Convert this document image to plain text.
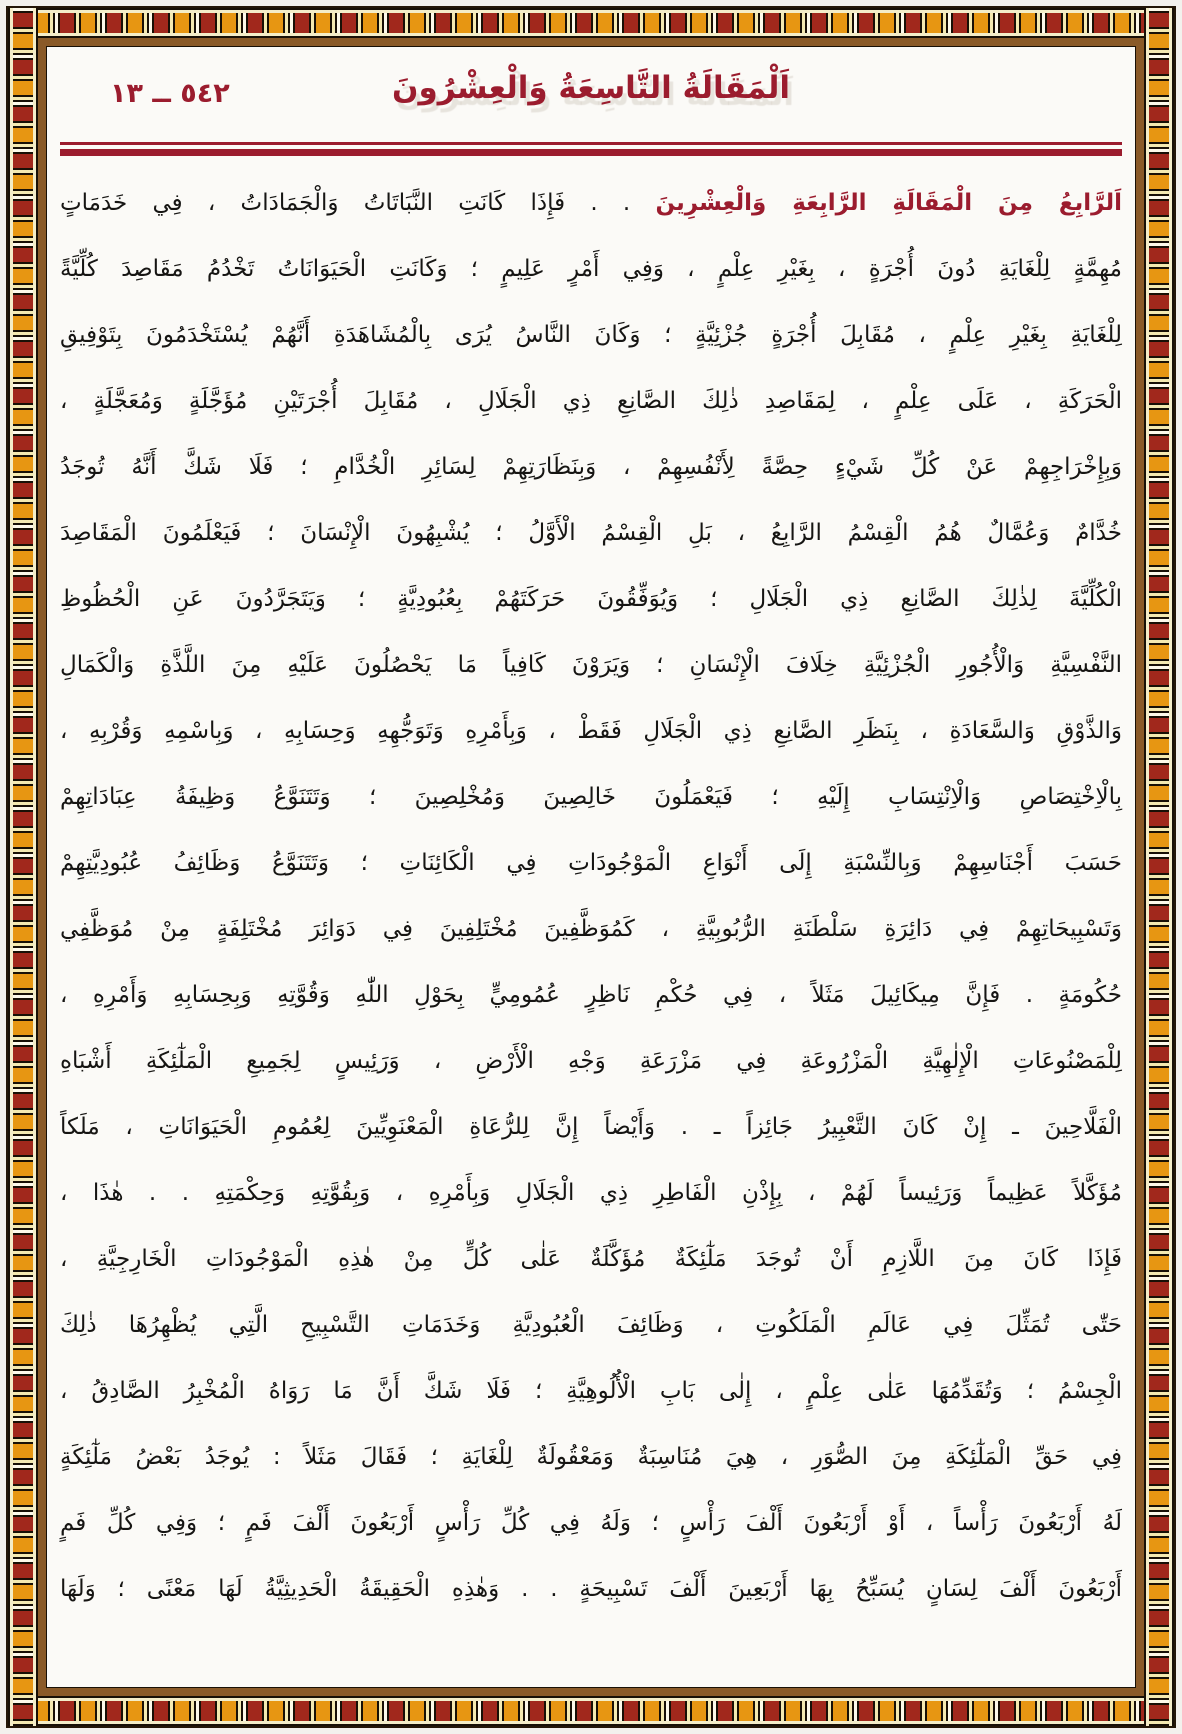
٥٤٢ ــ ١٣	اَلْمَقَالَةُ التَّاسِعَةُ وَالْعِشْرُونَ
اَلرَّابِعُ مِنَ الْمَقَالَةِ الرَّابِعَةِ وَالْعِشْرِينَ . . فَإِذَا كَانَتِ النَّبَاتَاتُ وَالْجَمَادَاتُ ، فِي خَدَمَاتٍ
مُهِمَّةٍ لِلْغَايَةِ دُونَ أُجْرَةٍ ، بِغَيْرِ عِلْمٍ ، وَفِي أَمْرٍ عَلِيمٍ ؛ وَكَانَتِ الْحَيَوَانَاتُ تَخْدُمُ مَقَاصِدَ كُلِّيَّةً
لِلْغَايَةِ بِغَيْرِ عِلْمٍ ، مُقَابِلَ أُجْرَةٍ جُزْئِيَّةٍ ؛ وَكَانَ النَّاسُ يُرَى بِالْمُشَاهَدَةِ أَنَّهُمْ يُسْتَخْدَمُونَ بِتَوْفِيقِ
الْحَرَكَةِ ، عَلَى عِلْمٍ ، لِمَقَاصِدِ ذٰلِكَ الصَّانِعِ ذِي الْجَلَالِ ، مُقَابِلَ أُجْرَتَيْنِ مُؤَجَّلَةٍ وَمُعَجَّلَةٍ ،
وَبِإِخْرَاجِهِمْ عَنْ كُلِّ شَيْءٍ حِصَّةً لِأَنْفُسِهِمْ ، وَبِنَظَارَتِهِمْ لِسَائِرِ الْخُدَّامِ ؛ فَلَا شَكَّ أَنَّهُ تُوجَدُ
خُدَّامٌ وَعُمَّالٌ هُمُ الْقِسْمُ الرَّابِعُ ، بَلِ الْقِسْمُ الْأَوَّلُ ؛ يُشْبِهُونَ الْإِنْسَانَ ؛ فَيَعْلَمُونَ الْمَقَاصِدَ
الْكُلِّيَّةَ لِذٰلِكَ الصَّانِعِ ذِي الْجَلَالِ ؛ وَيُوَفِّقُونَ حَرَكَتَهُمْ بِعُبُودِيَّةٍ ؛ وَيَتَجَرَّدُونَ عَنِ الْحُظُوظِ
النَّفْسِيَّةِ وَالْأُجُورِ الْجُزْئِيَّةِ خِلَافَ الْإِنْسَانِ ؛ وَيَرَوْنَ كَافِياً مَا يَحْصُلُونَ عَلَيْهِ مِنَ اللَّذَّةِ وَالْكَمَالِ
وَالذَّوْقِ وَالسَّعَادَةِ ، بِنَظَرِ الصَّانِعِ ذِي الْجَلَالِ فَقَطْ ، وَبِأَمْرِهِ وَتَوَجُّهِهِ وَحِسَابِهِ ، وَبِاسْمِهِ وَقُرْبِهِ ،
بِالْاِخْتِصَاصِ وَالْاِنْتِسَابِ إِلَيْهِ ؛ فَيَعْمَلُونَ خَالِصِينَ وَمُخْلِصِينَ ؛ وَتَتَنَوَّعُ وَظِيفَةُ عِبَادَاتِهِمْ
حَسَبَ أَجْنَاسِهِمْ وَبِالنِّسْبَةِ إِلَى أَنْوَاعِ الْمَوْجُودَاتِ فِي الْكَائِنَاتِ ؛ وَتَتَنَوَّعُ وَظَائِفُ عُبُودِيَّتِهِمْ
وَتَسْبِيحَاتِهِمْ فِي دَائِرَةِ سَلْطَنَةِ الرُّبُوبِيَّةِ ، كَمُوَظَّفِينَ مُخْتَلِفِينَ فِي دَوَائِرَ مُخْتَلِفَةٍ مِنْ مُوَظَّفِي
حُكُومَةٍ . فَإِنَّ مِيكَائِيلَ مَثَلاً ، فِي حُكْمِ نَاظِرٍ عُمُومِيٍّ بِحَوْلِ اللّٰهِ وَقُوَّتِهِ وَبِحِسَابِهِ وَأَمْرِهِ ،
لِلْمَصْنُوعَاتِ الْإِلٰهِيَّةِ الْمَزْرُوعَةِ فِي مَزْرَعَةِ وَجْهِ الْأَرْضِ ، وَرَئِيسٍ لِجَمِيعِ الْمَلٰٓئِكَةِ أَشْبَاهِ
الْفَلَّاحِينَ ـ إِنْ كَانَ التَّعْبِيرُ جَائِزاً ـ . وَأَيْضاً إِنَّ لِلرُّعَاةِ الْمَعْنَوِيِّينَ لِعُمُومِ الْحَيَوَانَاتِ ، مَلَكاً
مُؤَكَّلاً عَظِيماً وَرَئِيساً لَهُمْ ، بِإِذْنِ الْفَاطِرِ ذِي الْجَلَالِ وَبِأَمْرِهِ ، وَبِقُوَّتِهِ وَحِكْمَتِهِ . . هٰذَا ،
فَإِذَا كَانَ مِنَ اللَّازِمِ أَنْ تُوجَدَ مَلٰٓئِكَةٌ مُؤَكَّلَةٌ عَلٰى كُلٍّ مِنْ هٰذِهِ الْمَوْجُودَاتِ الْخَارِجِيَّةِ ،
حَتّٰى تُمَثِّلَ فِي عَالَمِ الْمَلَكُوتِ ، وَظَائِفَ الْعُبُودِيَّةِ وَخَدَمَاتِ التَّسْبِيحِ الَّتِي يُظْهِرُهَا ذٰلِكَ
الْجِسْمُ ؛ وَتُقَدِّمُهَا عَلٰى عِلْمٍ ، إِلٰى بَابِ الْأُلُوهِيَّةِ ؛ فَلَا شَكَّ أَنَّ مَا رَوَاهُ الْمُخْبِرُ الصَّادِقُ ،
فِي حَقِّ الْمَلٰٓئِكَةِ مِنَ الصُّوَرِ ، هِيَ مُنَاسِبَةٌ وَمَعْقُولَةٌ لِلْغَايَةِ ؛ فَقَالَ مَثَلاً : يُوجَدُ بَعْضُ مَلٰٓئِكَةٍ
لَهُ أَرْبَعُونَ رَأْساً ، أَوْ أَرْبَعُونَ أَلْفَ رَأْسٍ ؛ وَلَهُ فِي كُلِّ رَأْسٍ أَرْبَعُونَ أَلْفَ فَمٍ ؛ وَفِي كُلِّ فَمٍ
أَرْبَعُونَ أَلْفَ لِسَانٍ يُسَبِّحُ بِهَا أَرْبَعِينَ أَلْفَ تَسْبِيحَةٍ . . وَهٰذِهِ الْحَقِيقَةُ الْحَدِيثِيَّةُ لَهَا مَعْنًى ؛ وَلَهَا
